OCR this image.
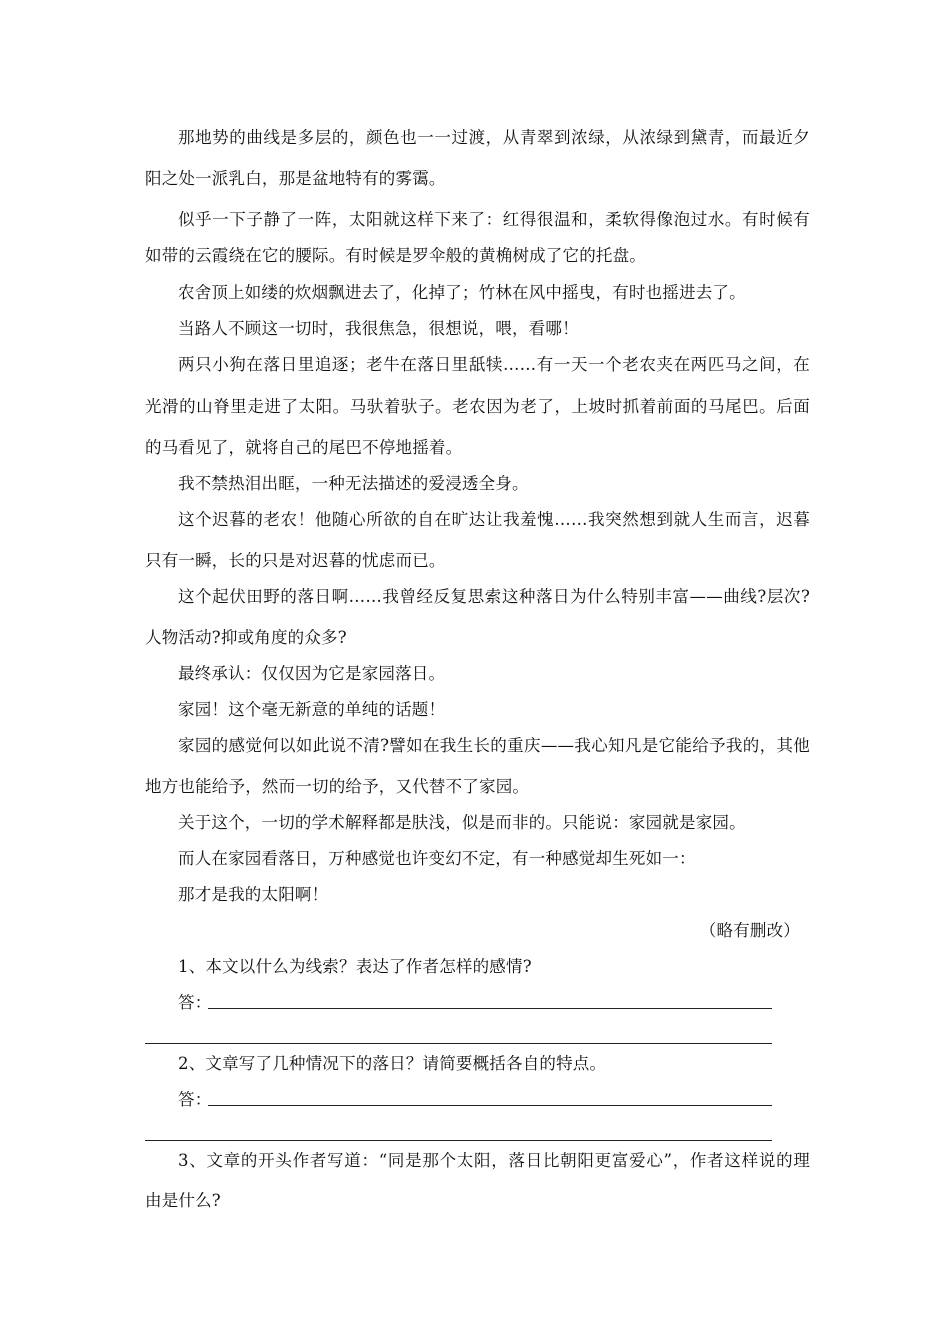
那地势的曲线是多层的，颜色也一一过渡，从青翠到浓绿，从浓绿到黛青，而最近夕
阳之处一派乳白，那是盆地特有的雾霭。
似乎一下子静了一阵，太阳就这样下来了：红得很温和，柔软得像泡过水。有时候有
如带的云霞绕在它的腰际。有时候是罗伞般的黄桷树成了它的托盘。
农舍顶上如缕的炊烟飘进去了，化掉了；竹林在风中摇曳，有时也摇进去了。
当路人不顾这一切时，我很焦急，很想说，喂，看哪！
两只小狗在落日里追逐；老牛在落日里舐犊……有一天一个老农夹在两匹马之间，在
光滑的山脊里走进了太阳。马驮着驮子。老农因为老了，上坡时抓着前面的马尾巴。后面
的马看见了，就将自己的尾巴不停地摇着。
我不禁热泪出眶，一种无法描述的爱浸透全身。
这个迟暮的老农！他随心所欲的自在旷达让我羞愧……我突然想到就人生而言，迟暮
只有一瞬，长的只是对迟暮的忧虑而已。
这个起伏田野的落日啊……我曾经反复思索这种落日为什么特别丰富——曲线?层次?
人物活动?抑或角度的众多?
最终承认：仅仅因为它是家园落日。
家园！这个毫无新意的单纯的话题！
家园的感觉何以如此说不清?譬如在我生长的重庆——我心知凡是它能给予我的，其他
地方也能给予，然而一切的给予，又代替不了家园。
关于这个，一切的学术解释都是肤浅，似是而非的。只能说：家园就是家园。
而人在家园看落日，万种感觉也许变幻不定，有一种感觉却生死如一：
那才是我的太阳啊！
（略有删改）
1、本文以什么为线索？表达了作者怎样的感情?
答：
2、文章写了几种情况下的落日？请简要概括各自的特点。
答：
3、文章的开头作者写道：“同是那个太阳，落日比朝阳更富爱心”，作者这样说的理
由是什么?
